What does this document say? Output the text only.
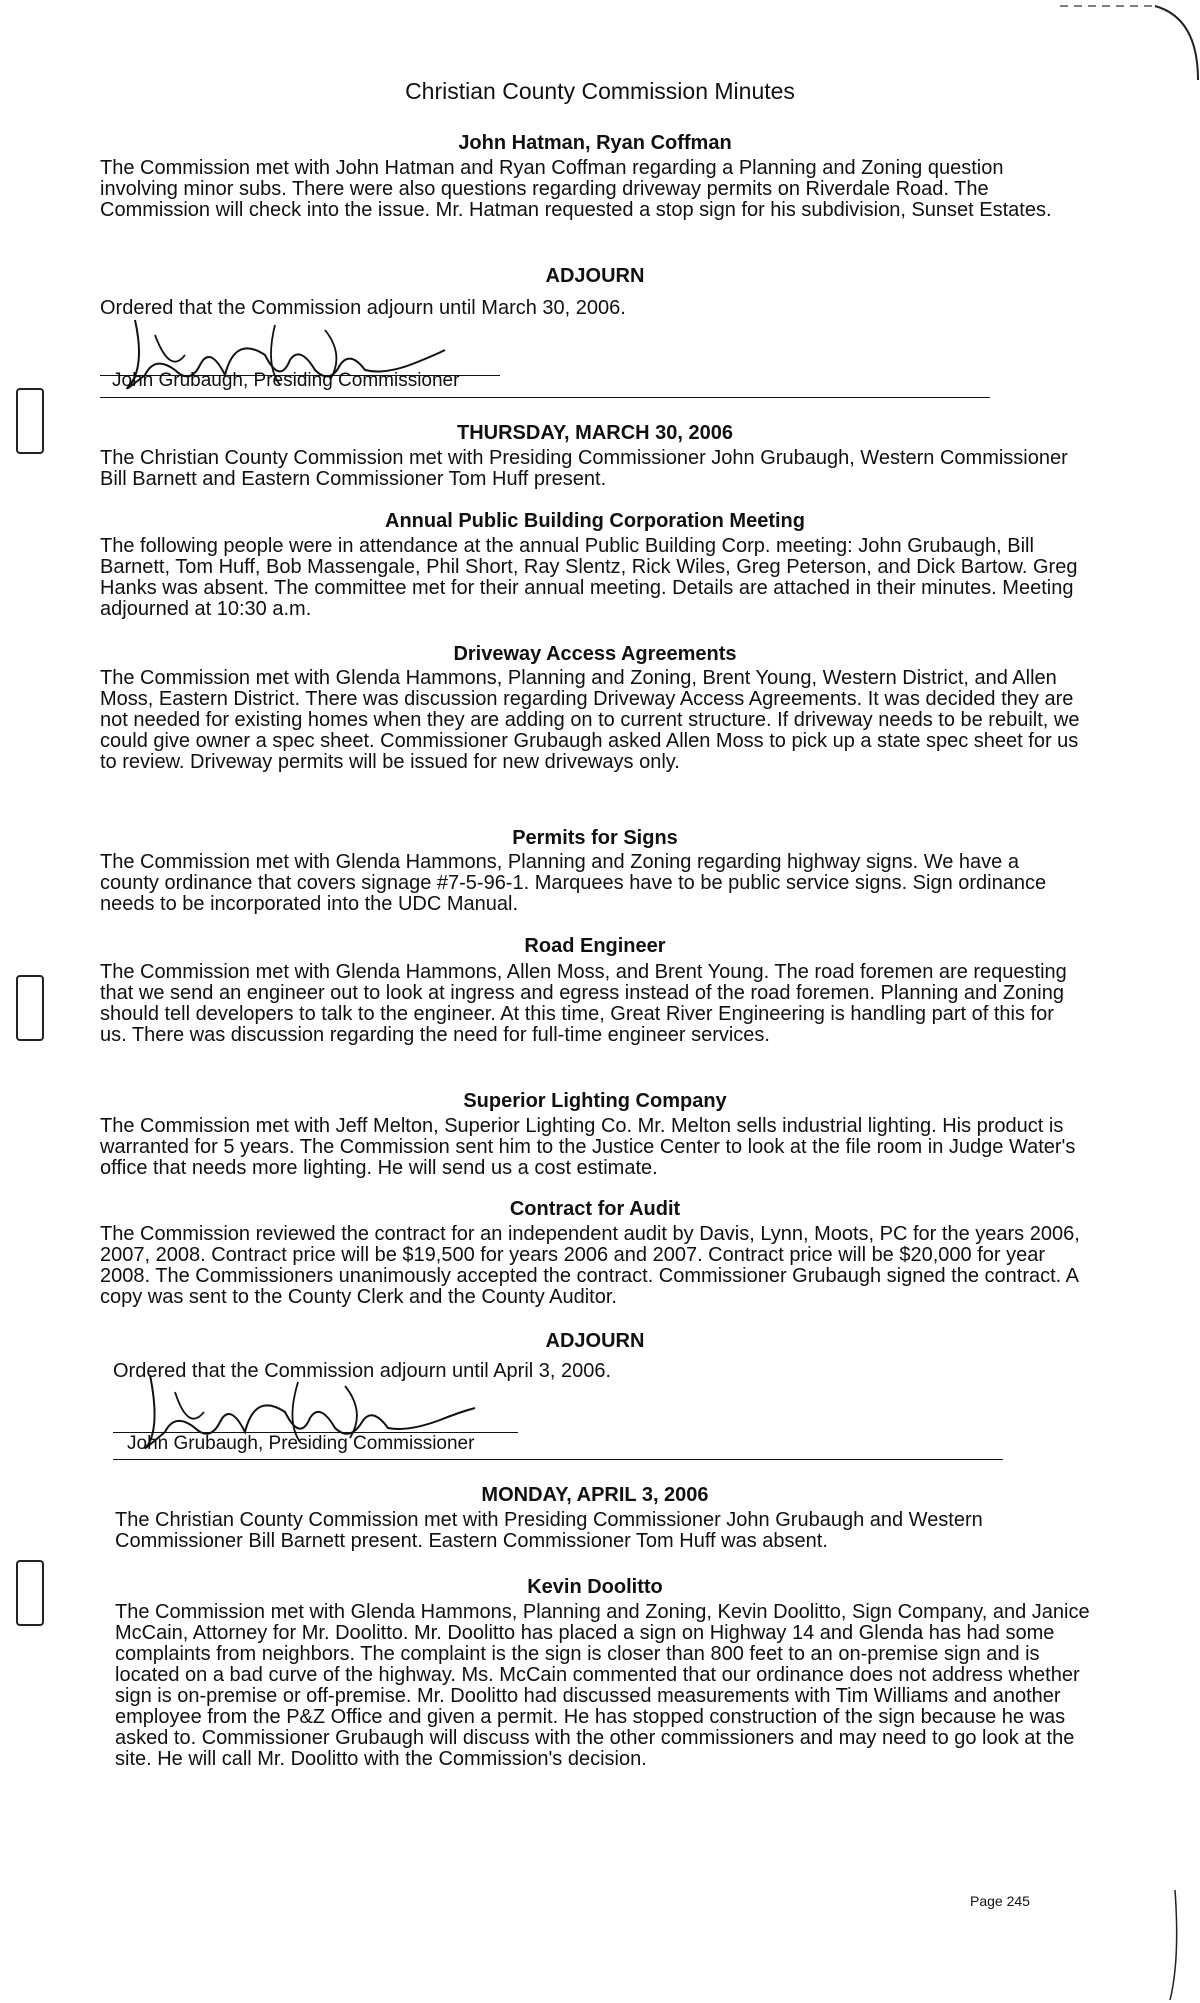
Christian County Commission Minutes
John Hatman, Ryan Coffman
The Commission met with John Hatman and Ryan Coffman regarding a Planning and Zoning question involving minor subs. There were also questions regarding driveway permits on Riverdale Road. The Commission will check into the issue. Mr. Hatman requested a stop sign for his subdivision, Sunset Estates.
ADJOURN
Ordered that the Commission adjourn until March 30, 2006.
John Grubaugh, Presiding Commissioner
THURSDAY, MARCH 30, 2006
The Christian County Commission met with Presiding Commissioner John Grubaugh, Western Commissioner Bill Barnett and Eastern Commissioner Tom Huff present.
Annual Public Building Corporation Meeting
The following people were in attendance at the annual Public Building Corp. meeting: John Grubaugh, Bill Barnett, Tom Huff, Bob Massengale, Phil Short, Ray Slentz, Rick Wiles, Greg Peterson, and Dick Bartow. Greg Hanks was absent. The committee met for their annual meeting. Details are attached in their minutes. Meeting adjourned at 10:30 a.m.
Driveway Access Agreements
The Commission met with Glenda Hammons, Planning and Zoning, Brent Young, Western District, and Allen Moss, Eastern District. There was discussion regarding Driveway Access Agreements. It was decided they are not needed for existing homes when they are adding on to current structure. If driveway needs to be rebuilt, we could give owner a spec sheet. Commissioner Grubaugh asked Allen Moss to pick up a state spec sheet for us to review. Driveway permits will be issued for new driveways only.
Permits for Signs
The Commission met with Glenda Hammons, Planning and Zoning regarding highway signs. We have a county ordinance that covers signage #7-5-96-1. Marquees have to be public service signs. Sign ordinance needs to be incorporated into the UDC Manual.
Road Engineer
The Commission met with Glenda Hammons, Allen Moss, and Brent Young. The road foremen are requesting that we send an engineer out to look at ingress and egress instead of the road foremen. Planning and Zoning should tell developers to talk to the engineer. At this time, Great River Engineering is handling part of this for us. There was discussion regarding the need for full-time engineer services.
Superior Lighting Company
The Commission met with Jeff Melton, Superior Lighting Co. Mr. Melton sells industrial lighting. His product is warranted for 5 years. The Commission sent him to the Justice Center to look at the file room in Judge Water's office that needs more lighting. He will send us a cost estimate.
Contract for Audit
The Commission reviewed the contract for an independent audit by Davis, Lynn, Moots, PC for the years 2006, 2007, 2008. Contract price will be $19,500 for years 2006 and 2007. Contract price will be $20,000 for year 2008. The Commissioners unanimously accepted the contract. Commissioner Grubaugh signed the contract. A copy was sent to the County Clerk and the County Auditor.
ADJOURN
Ordered that the Commission adjourn until April 3, 2006.
John Grubaugh, Presiding Commissioner
MONDAY, APRIL 3, 2006
The Christian County Commission met with Presiding Commissioner John Grubaugh and Western Commissioner Bill Barnett present. Eastern Commissioner Tom Huff was absent.
Kevin Doolitto
The Commission met with Glenda Hammons, Planning and Zoning, Kevin Doolitto, Sign Company, and Janice McCain, Attorney for Mr. Doolitto. Mr. Doolitto has placed a sign on Highway 14 and Glenda has had some complaints from neighbors. The complaint is the sign is closer than 800 feet to an on-premise sign and is located on a bad curve of the highway. Ms. McCain commented that our ordinance does not address whether sign is on-premise or off-premise. Mr. Doolitto had discussed measurements with Tim Williams and another employee from the P&Z Office and given a permit. He has stopped construction of the sign because he was asked to. Commissioner Grubaugh will discuss with the other commissioners and may need to go look at the site. He will call Mr. Doolitto with the Commission's decision.
Page 245
